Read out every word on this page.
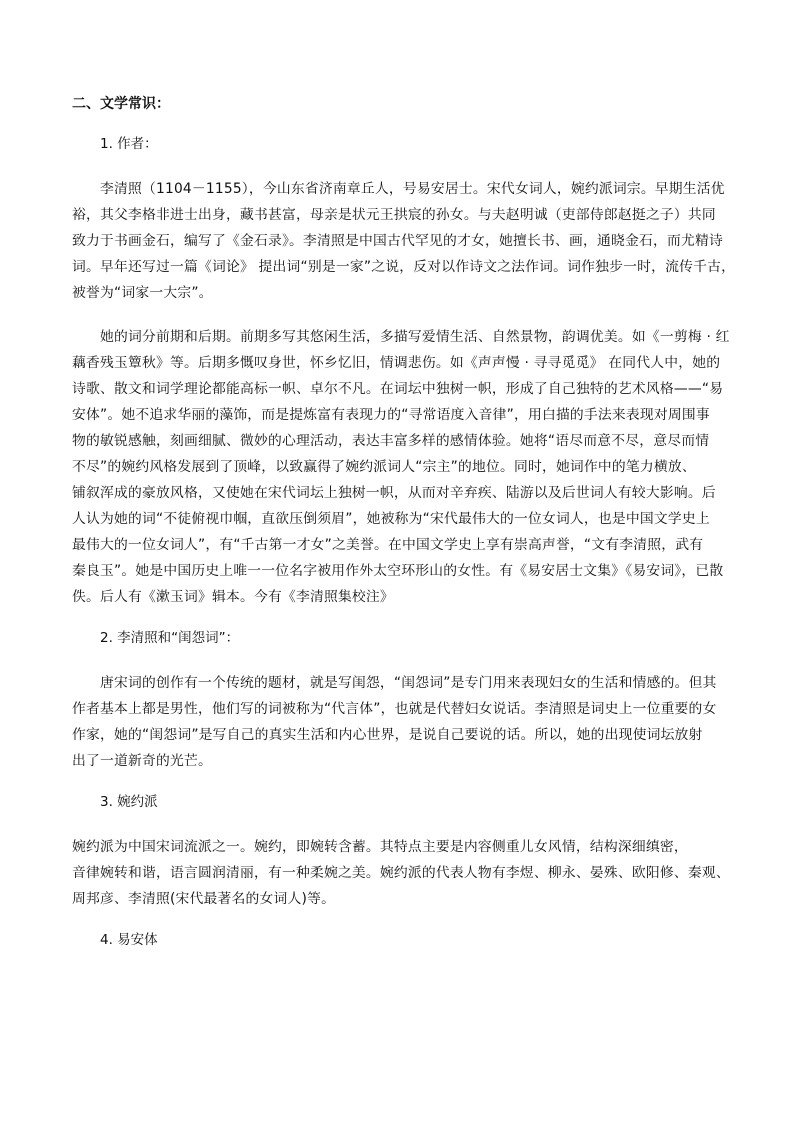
二、文学常识：
1. 作者：
李清照（1104－1155），今山东省济南章丘人，号易安居士。宋代女词人，婉约派词宗。早期生活优
裕，其父李格非进士出身，藏书甚富，母亲是状元王拱宸的孙女。与夫赵明诚（吏部侍郎赵挺之子）共同
致力于书画金石，编写了《金石录》。李清照是中国古代罕见的才女，她擅长书、画，通晓金石，而尤精诗
词。早年还写过一篇《词论》 提出词“别是一家”之说，反对以作诗文之法作词。词作独步一时，流传千古，
被誉为“词家一大宗”。
她的词分前期和后期。前期多写其悠闲生活，多描写爱情生活、自然景物，韵调优美。如《一剪梅 · 红
藕香残玉簟秋》等。后期多慨叹身世，怀乡忆旧，情调悲伤。如《声声慢 · 寻寻觅觅》 在同代人中，她的
诗歌、散文和词学理论都能高标一帜、卓尔不凡。在词坛中独树一帜，形成了自己独特的艺术风格——“易
安体”。她不追求华丽的藻饰，而是提炼富有表现力的“寻常语度入音律”，用白描的手法来表现对周围事
物的敏锐感触，刻画细腻、微妙的心理活动，表达丰富多样的感情体验。她将“语尽而意不尽，意尽而情
不尽”的婉约风格发展到了顶峰，以致赢得了婉约派词人“宗主”的地位。同时，她词作中的笔力横放、
铺叙浑成的豪放风格，又使她在宋代词坛上独树一帜，从而对辛弃疾、陆游以及后世词人有较大影响。后
人认为她的词“不徒俯视巾帼，直欲压倒须眉”，她被称为“宋代最伟大的一位女词人，也是中国文学史上
最伟大的一位女词人”，有“千古第一才女”之美誉。在中国文学史上享有崇高声誉，“文有李清照，武有
秦良玉”。她是中国历史上唯一一位名字被用作外太空环形山的女性。有《易安居士文集》《易安词》，已散
佚。后人有《漱玉词》辑本。今有《李清照集校注》
2. 李清照和“闺怨词”：
唐宋词的创作有一个传统的题材，就是写闺怨，“闺怨词”是专门用来表现妇女的生活和情感的。但其
作者基本上都是男性，他们写的词被称为“代言体”，也就是代替妇女说话。李清照是词史上一位重要的女
作家，她的“闺怨词”是写自己的真实生活和内心世界，是说自己要说的话。所以，她的出现使词坛放射
出了一道新奇的光芒。
3. 婉约派
婉约派为中国宋词流派之一。婉约，即婉转含蓄。其特点主要是内容侧重儿女风情，结构深细缜密，
音律婉转和谐，语言圆润清丽，有一种柔婉之美。婉约派的代表人物有李煜、柳永、晏殊、欧阳修、秦观、
周邦彦、李清照(宋代最著名的女词人)等。
4. 易安体
